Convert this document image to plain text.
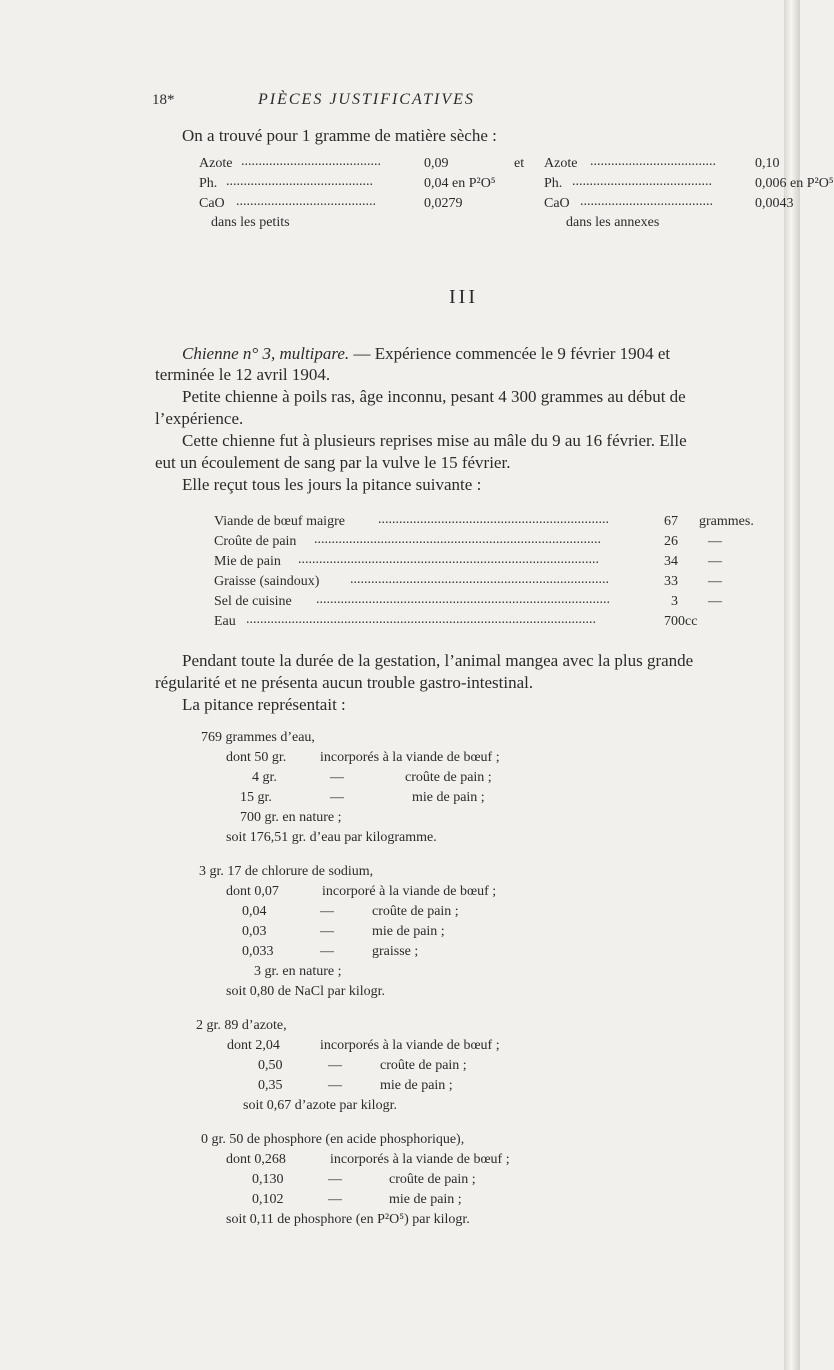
18*	PIÈCES JUSTIFICATIVES
On a trouvé pour 1 gramme de matière sèche :
Azote ........................................	0,09	et
Ph. ..........................................	0,04 en P²O⁵
CaO ........................................	0,0279
dans les petits
Azote ....................................	0,10
Ph. ........................................	0,006 en P²O⁵
CaO ......................................	0,0043
dans les annexes
III
Chienne n° 3, multipare. — Expérience commencée le 9 février 1904 et
terminée le 12 avril 1904.
Petite chienne à poils ras, âge inconnu, pesant 4 300 grammes au début de
l’expérience.
Cette chienne fut à plusieurs reprises mise au mâle du 9 au 16 février. Elle
eut un écoulement de sang par la vulve le 15 février.
Elle reçut tous les jours la pitance suivante :
Viande de bœuf maigre ..................................................................	67 grammes.
Croûte de pain ..................................................................................	26 —
Mie de pain ......................................................................................	34 —
Graisse (saindoux) ..........................................................................	33 —
Sel de cuisine ....................................................................................	3 —
Eau ....................................................................................................	700cc
Pendant toute la durée de la gestation, l’animal mangea avec la plus grande
régularité et ne présenta aucun trouble gastro-intestinal.
La pitance représentait :
769 grammes d’eau,
dont 50 gr. incorporés à la viande de bœuf ;
4 gr.	—	croûte de pain ;
15 gr.	—	mie de pain ;
700 gr. en nature ;
soit 176,51 gr. d’eau par kilogramme.
3 gr. 17 de chlorure de sodium,
dont 0,07	incorporé à la viande de bœuf ;
0,04	—	croûte de pain ;
0,03	—	mie de pain ;
0,033	—	graisse ;
3 gr. en nature ;
soit 0,80 de NaCl par kilogr.
2 gr. 89 d’azote,
dont 2,04	incorporés à la viande de bœuf ;
0,50	—	croûte de pain ;
0,35	—	mie de pain ;
soit 0,67 d’azote par kilogr.
0 gr. 50 de phosphore (en acide phosphorique),
dont 0,268	incorporés à la viande de bœuf ;
0,130	—	croûte de pain ;
0,102	—	mie de pain ;
soit 0,11 de phosphore (en P²O⁵) par kilogr.
